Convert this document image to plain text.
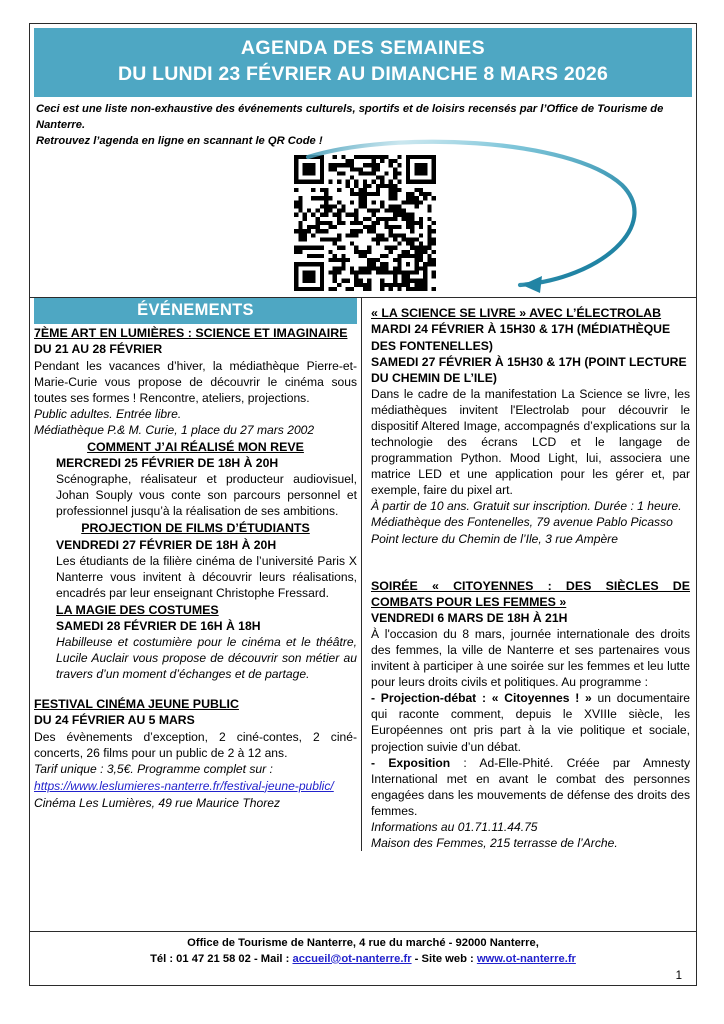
AGENDA DES SEMAINES
DU LUNDI 23 FÉVRIER AU DIMANCHE 8 MARS 2026
Ceci est une liste non-exhaustive des événements culturels, sportifs et de loisirs recensés par l’Office de Tourisme de Nanterre.
Retrouvez l’agenda en ligne en scannant le QR Code !
ÉVÉNEMENTS
7ÈME ART EN LUMIÈRES : SCIENCE ET IMAGINAIRE
DU 21 AU 28 FÉVRIER
Pendant les vacances d’hiver, la médiathèque Pierre-et-Marie-Curie vous propose de découvrir le cinéma sous toutes ses formes ! Rencontre, ateliers, projections.
Public adultes. Entrée libre.
Médiathèque P.& M. Curie, 1 place du 27 mars 2002
COMMENT J’AI RÉALISÉ MON REVE
MERCREDI 25 FÉVRIER DE 18H À 20H
Scénographe, réalisateur et producteur audiovisuel, Johan Souply vous conte son parcours personnel et professionnel jusqu’à la réalisation de ses ambitions.
PROJECTION DE FILMS D’ÉTUDIANTS
VENDREDI 27 FÉVRIER DE 18H À 20H
Les étudiants de la filière cinéma de l’université Paris X Nanterre vous invitent à découvrir leurs réalisations, encadrés par leur enseignant Christophe Fressard.
LA MAGIE DES COSTUMES
SAMEDI 28 FÉVRIER DE 16H À 18H
Habilleuse et costumière pour le cinéma et le théâtre, Lucile Auclair vous propose de découvrir son métier au travers d’un moment d’échanges et de partage.
FESTIVAL CINÉMA JEUNE PUBLIC
DU 24 FÉVRIER AU 5 MARS
Des évènements d’exception, 2 ciné-contes, 2 ciné-concerts, 26 films pour un public de 2 à 12 ans.
Tarif unique : 3,5€. Programme complet sur :
https://www.leslumieres-nanterre.fr/festival-jeune-public/
Cinéma Les Lumières, 49 rue Maurice Thorez
« LA SCIENCE SE LIVRE » AVEC L’ÉLECTROLAB
MARDI 24 FÉVRIER À 15H30 & 17H (MÉDIATHÈQUE DES FONTENELLES)
SAMEDI 27 FÉVRIER À 15H30 & 17H (POINT LECTURE DU CHEMIN DE L’ILE)
Dans le cadre de la manifestation La Science se livre, les médiathèques invitent l'Electrolab pour découvrir le dispositif Altered Image, accompagnés d’explications sur la technologie des écrans LCD et le langage de programmation Python. Mood Light, lui, associera une matrice LED et une application pour les gérer et, par exemple, faire du pixel art.
À partir de 10 ans. Gratuit sur inscription. Durée : 1 heure.
Médiathèque des Fontenelles, 79 avenue Pablo Picasso
Point lecture du Chemin de l’Ile, 3 rue Ampère
SOIRÉE « CITOYENNES : DES SIÈCLES DE COMBATS POUR LES FEMMES »
VENDREDI 6 MARS DE 18H À 21H
À l'occasion du 8 mars, journée internationale des droits des femmes, la ville de Nanterre et ses partenaires vous invitent à participer à une soirée sur les femmes et leu lutte pour leurs droits civils et politiques. Au programme :
- Projection-débat : « Citoyennes ! » un documentaire qui raconte comment, depuis le XVIIIe siècle, les Européennes ont pris part à la vie politique et sociale, projection suivie d’un débat.
- Exposition : Ad-Elle-Phité. Créée par Amnesty International met en avant le combat des personnes engagées dans les mouvements de défense des droits des femmes.
Informations au 01.71.11.44.75
Maison des Femmes, 215 terrasse de l’Arche.
Office de Tourisme de Nanterre, 4 rue du marché - 92000 Nanterre,
Tél : 01 47 21 58 02 - Mail : accueil@ot-nanterre.fr - Site web : www.ot-nanterre.fr
1
